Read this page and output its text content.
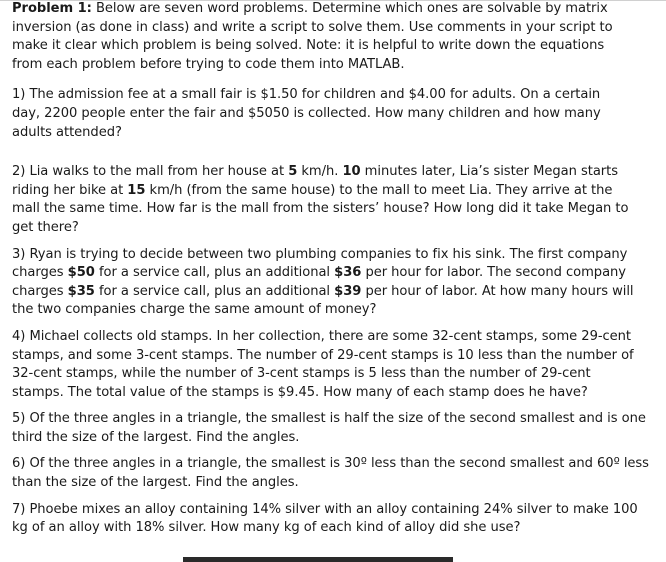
Problem 1: Below are seven word problems. Determine which ones are solvable by matrix
inversion (as done in class) and write a script to solve them. Use comments in your script to
make it clear which problem is being solved. Note: it is helpful to write down the equations
from each problem before trying to code them into MATLAB.
1) The admission fee at a small fair is $1.50 for children and $4.00 for adults. On a certain
day, 2200 people enter the fair and $5050 is collected. How many children and how many
adults attended?
2) Lia walks to the mall from her house at 5 km/h. 10 minutes later, Lia’s sister Megan starts
riding her bike at 15 km/h (from the same house) to the mall to meet Lia. They arrive at the
mall the same time. How far is the mall from the sisters’ house? How long did it take Megan to
get there?
3) Ryan is trying to decide between two plumbing companies to fix his sink. The first company
charges $50 for a service call, plus an additional $36 per hour for labor. The second company
charges $35 for a service call, plus an additional $39 per hour of labor. At how many hours will
the two companies charge the same amount of money?
4) Michael collects old stamps. In her collection, there are some 32-cent stamps, some 29-cent
stamps, and some 3-cent stamps. The number of 29-cent stamps is 10 less than the number of
32-cent stamps, while the number of 3-cent stamps is 5 less than the number of 29-cent
stamps. The total value of the stamps is $9.45. How many of each stamp does he have?
5) Of the three angles in a triangle, the smallest is half the size of the second smallest and is one
third the size of the largest. Find the angles.
6) Of the three angles in a triangle, the smallest is 30º less than the second smallest and 60º less
than the size of the largest. Find the angles.
7) Phoebe mixes an alloy containing 14% silver with an alloy containing 24% silver to make 100
kg of an alloy with 18% silver. How many kg of each kind of alloy did she use?
